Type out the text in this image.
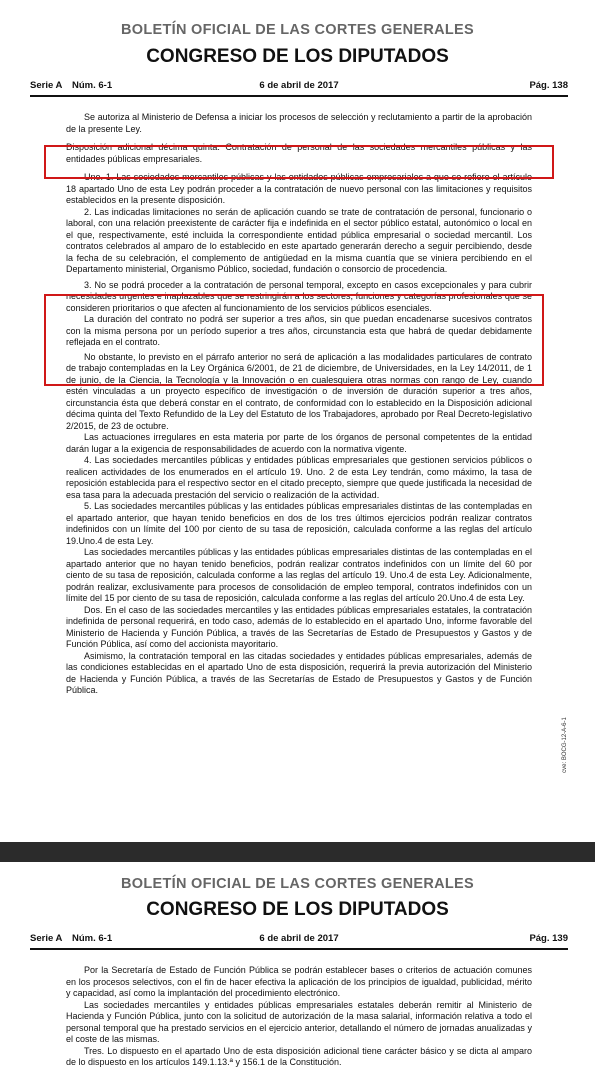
BOLETÍN OFICIAL DE LAS CORTES GENERALES
CONGRESO DE LOS DIPUTADOS
Serie A Núm. 6-1	6 de abril de 2017	Pág. 138

Se autoriza al Ministerio de Defensa a iniciar los procesos de selección y reclutamiento a partir de la aprobación de la presente Ley.

Disposición adicional décima quinta. Contratación de personal de las sociedades mercantiles públicas y las entidades públicas empresariales.

Uno. 1. Las sociedades mercantiles públicas y las entidades públicas empresariales a que se refiere el artículo 18 apartado Uno de esta Ley podrán proceder a la contratación de nuevo personal con las limitaciones y requisitos establecidos en la presente disposición.

2. Las indicadas limitaciones no serán de aplicación cuando se trate de contratación de personal, funcionario o laboral, con una relación preexistente de carácter fija e indefinida en el sector público estatal, autonómico o local en el que, respectivamente, esté incluida la correspondiente entidad pública empresarial o sociedad mercantil. Los contratos celebrados al amparo de lo establecido en este apartado generarán derecho a seguir percibiendo, desde la fecha de su celebración, el complemento de antigüedad en la misma cuantía que se viniera percibiendo en el Departamento ministerial, Organismo Público, sociedad, fundación o consorcio de procedencia.

3. No se podrá proceder a la contratación de personal temporal, excepto en casos excepcionales y para cubrir necesidades urgentes e inaplazables que se restringirán a los sectores, funciones y categorías profesionales que se consideren prioritarios o que afecten al funcionamiento de los servicios públicos esenciales.

La duración del contrato no podrá ser superior a tres años, sin que puedan encadenarse sucesivos contratos con la misma persona por un período superior a tres años, circunstancia esta que habrá de quedar debidamente reflejada en el contrato.

No obstante, lo previsto en el párrafo anterior no será de aplicación a las modalidades particulares de contrato de trabajo contempladas en la Ley Orgánica 6/2001, de 21 de diciembre, de Universidades, en la Ley 14/2011, de 1 de junio, de la Ciencia, la Tecnología y la Innovación o en cualesquiera otras normas con rango de Ley, cuando estén vinculadas a un proyecto específico de investigación o de inversión de duración superior a tres años, circunstancia ésta que deberá constar en el contrato, de conformidad con lo establecido en la Disposición adicional décima quinta del Texto Refundido de la Ley del Estatuto de los Trabajadores, aprobado por Real Decreto-legislativo 2/2015, de 23 de octubre.

Las actuaciones irregulares en esta materia por parte de los órganos de personal competentes de la entidad darán lugar a la exigencia de responsabilidades de acuerdo con la normativa vigente.

4. Las sociedades mercantiles públicas y entidades públicas empresariales que gestionen servicios públicos o realicen actividades de los enumerados en el artículo 19. Uno. 2 de esta Ley tendrán, como máximo, la tasa de reposición establecida para el respectivo sector en el citado precepto, siempre que quede justificada la necesidad de esa tasa para la adecuada prestación del servicio o realización de la actividad.

5. Las sociedades mercantiles públicas y las entidades públicas empresariales distintas de las contempladas en el apartado anterior, que hayan tenido beneficios en dos de los tres últimos ejercicios podrán realizar contratos indefinidos con un límite del 100 por ciento de su tasa de reposición, calculada conforme a las reglas del artículo 19.Uno.4 de esta Ley.

Las sociedades mercantiles públicas y las entidades públicas empresariales distintas de las contempladas en el apartado anterior que no hayan tenido beneficios, podrán realizar contratos indefinidos con un límite del 60 por ciento de su tasa de reposición, calculada conforme a las reglas del artículo 19. Uno.4 de esta Ley. Adicionalmente, podrán realizar, exclusivamente para procesos de consolidación de empleo temporal, contratos indefinidos con un límite del 15 por ciento de su tasa de reposición, calculada conforme a las reglas del artículo 20.Uno.4 de esta Ley.

Dos. En el caso de las sociedades mercantiles y las entidades públicas empresariales estatales, la contratación indefinida de personal requerirá, en todo caso, además de lo establecido en el apartado Uno, informe favorable del Ministerio de Hacienda y Función Pública, a través de las Secretarías de Estado de Presupuestos y Gastos y de Función Pública, así como del accionista mayoritario.

Asimismo, la contratación temporal en las citadas sociedades y entidades públicas empresariales, además de las condiciones establecidas en el apartado Uno de esta disposición, requerirá la previa autorización del Ministerio de Hacienda y Función Pública, a través de las Secretarías de Estado de Presupuestos y Gastos y de Función Pública.

cve: BOCG-12-A-6-1
BOLETÍN OFICIAL DE LAS CORTES GENERALES
CONGRESO DE LOS DIPUTADOS
Serie A Núm. 6-1	6 de abril de 2017	Pág. 139

Por la Secretaría de Estado de Función Pública se podrán establecer bases o criterios de actuación comunes en los procesos selectivos, con el fin de hacer efectiva la aplicación de los principios de igualdad, publicidad, mérito y capacidad, así como la implantación del procedimiento electrónico.

Las sociedades mercantiles y entidades públicas empresariales estatales deberán remitir al Ministerio de Hacienda y Función Pública, junto con la solicitud de autorización de la masa salarial, información relativa a todo el personal temporal que ha prestado servicios en el ejercicio anterior, detallando el número de jornadas anualizadas y el coste de las mismas.

Tres. Lo dispuesto en el apartado Uno de esta disposición adicional tiene carácter básico y se dicta al amparo de lo dispuesto en los artículos 149.1.13.ª y 156.1 de la Constitución.
